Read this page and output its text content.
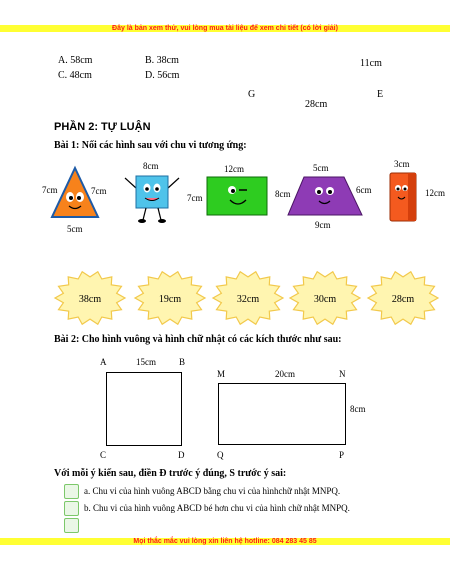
Đây là bản xem thử, vui lòng mua tài liệu để xem chi tiết (có lời giải)
A. 58cm	B. 38cm
C. 48cm	D. 56cm
11cm
G	E
28cm
PHẦN 2: TỰ LUẬN
Bài 1: Nối các hình sau với chu vi tương ứng:
7cm	7cm
5cm
8cm	12cm
7cm
5cm
8cm	6cm
9cm
3cm
12cm
38cm	19cm	32cm	30cm	28cm
Bài 2: Cho hình vuông và hình chữ nhật có các kích thước như sau:
A	15cm	B
C	D
M	20cm	N
8cm
Q	P
Với mỗi ý kiến sau, điền Đ trước ý đúng, S trước ý sai:
a. Chu vi của hình vuông ABCD bằng chu vi của hìnhchữ nhật MNPQ.
b. Chu vi của hình vuông ABCD bé hơn chu vi của hình chữ nhật MNPQ.
Mọi thắc mắc vui lòng xin liên hệ hotline: 084 283 45 85
